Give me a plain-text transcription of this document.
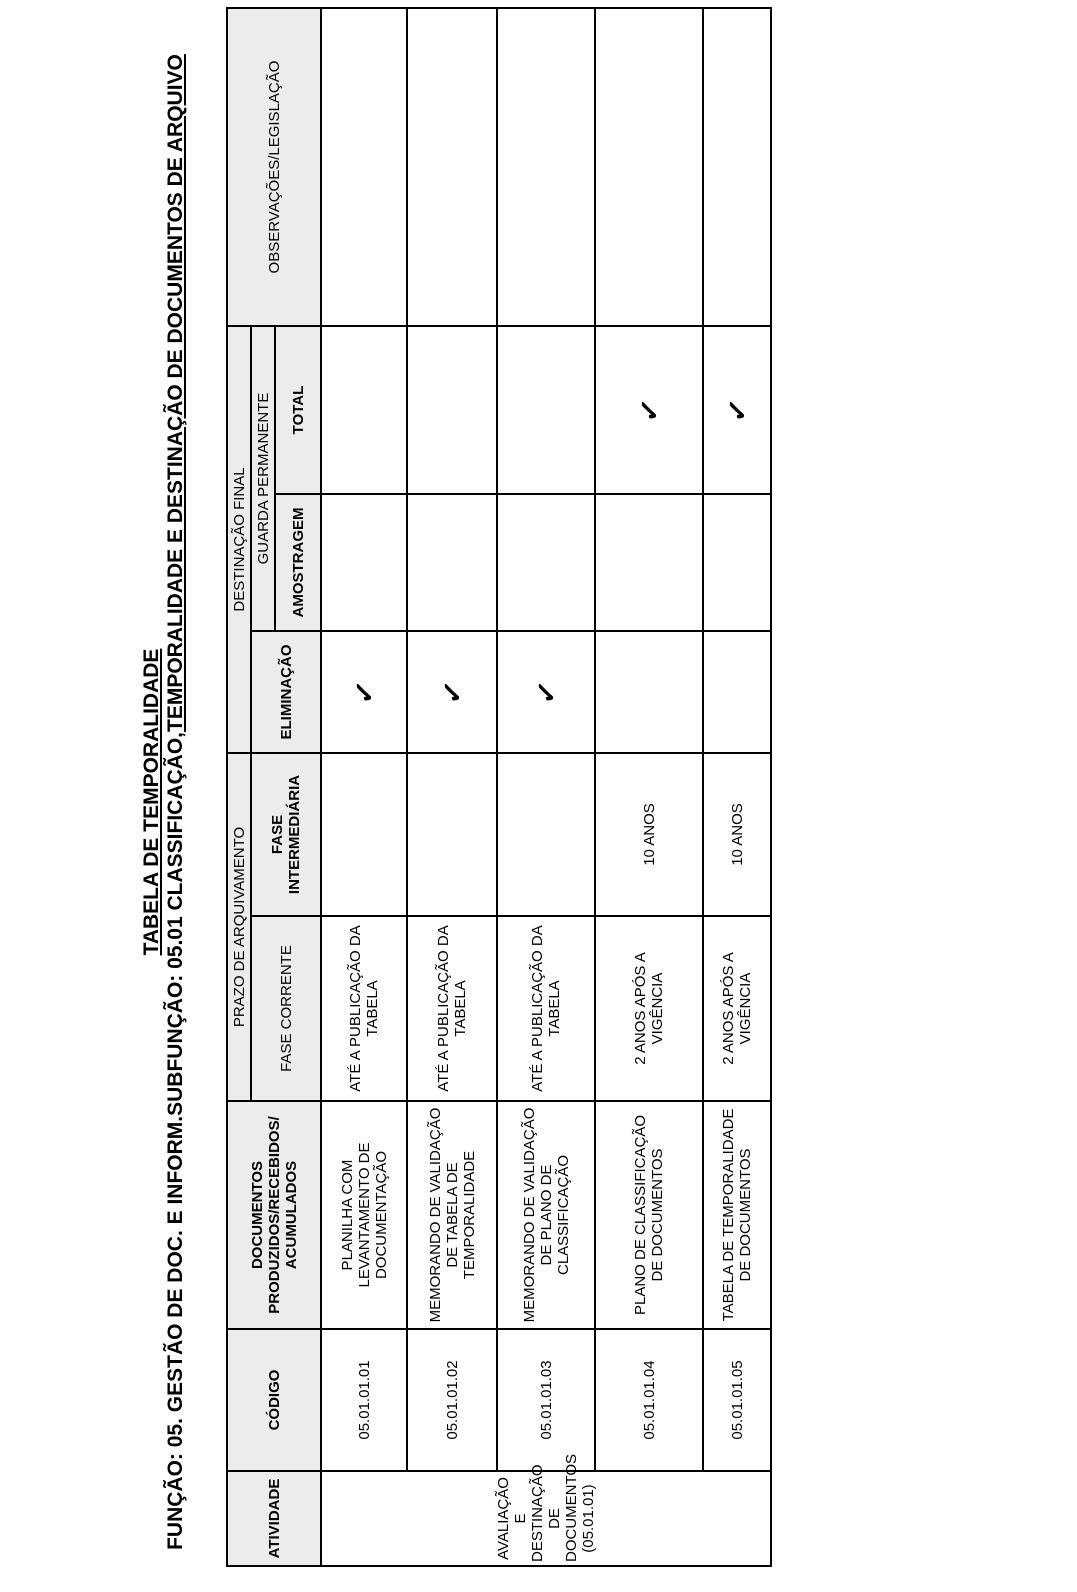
TABELA DE TEMPORALIDADE FUNÇÃO: 05. GESTÃO DE DOC. E INFORM.SUBFUNÇÃO: 05.01 CLASSIFICAÇÃO,TEMPORALIDADE E DESTINAÇÃO DE DOCUMENTOS DE ARQUIVO
ATIVIDADE	CÓDIGO	DOCUMENTOS PRODUZIDOS/RECEBIDOS/ ACUMULADOS	PRAZO DE ARQUIVAMENTO		DESTINAÇÃO FINAL			OBSERVAÇÕES/LEGISLAÇÃO
			FASE CORRENTE	FASE INTERMEDIÁRIA	ELIMINAÇÃO	GUARDA PERMANENTE		
						AMOSTRAGEM	TOTAL	
AVALIAÇÃO E DESTINAÇÃO DE DOCUMENTOS (05.01.01)	05.01.01.01	PLANILHA COM LEVANTAMENTO DE DOCUMENTAÇÃO	ATÉ A PUBLICAÇÃO DA TABELA		✓			
	05.01.01.02	MEMORANDO DE VALIDAÇÃO DE TABELA DE TEMPORALIDADE	ATÉ A PUBLICAÇÃO DA TABELA		✓			
	05.01.01.03	MEMORANDO DE VALIDAÇÃO DE PLANO DE CLASSIFICAÇÃO	ATÉ A PUBLICAÇÃO DA TABELA		✓			
	05.01.01.04	PLANO DE CLASSIFICAÇÃO DE DOCUMENTOS	2 ANOS APÓS A VIGÊNCIA	10 ANOS			✓	
	05.01.01.05	TABELA DE TEMPORALIDADE DE DOCUMENTOS	2 ANOS APÓS A VIGÊNCIA	10 ANOS			✓	
